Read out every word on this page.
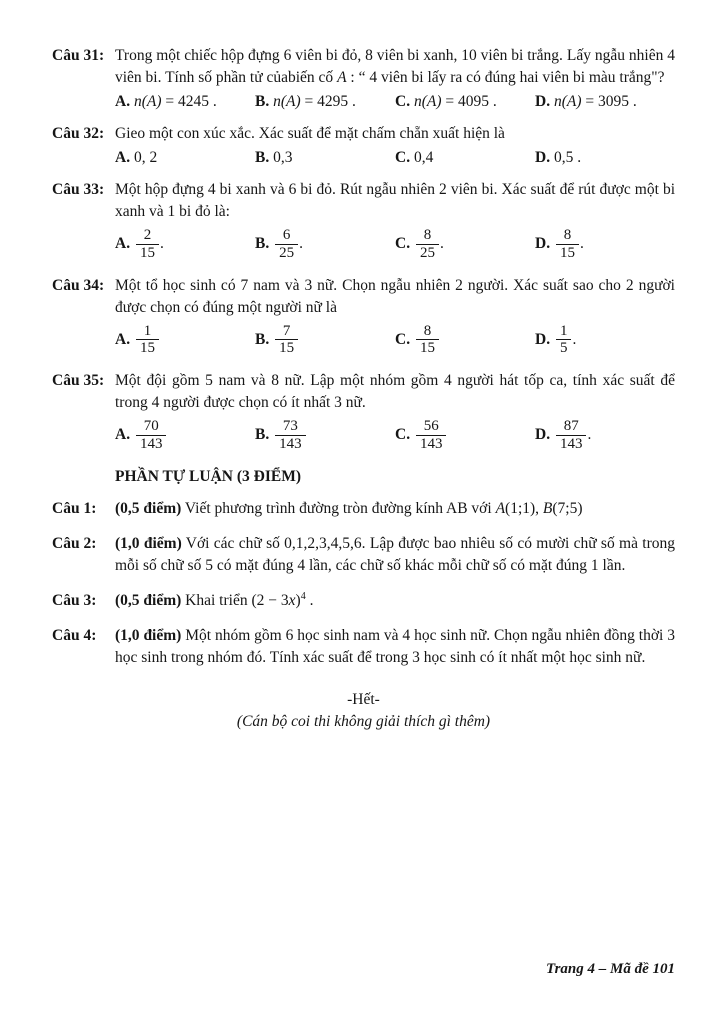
Câu 31: Trong một chiếc hộp đựng 6 viên bi đỏ, 8 viên bi xanh, 10 viên bi trắng. Lấy ngẫu nhiên 4 viên bi. Tính số phần tử củabiến cố A : “ 4 viên bi lấy ra có đúng hai viên bi màu trắng"?
A. n(A) = 4245 .	B. n(A) = 4295 .	C. n(A) = 4095 .	D. n(A) = 3095 .
Câu 32: Gieo một con xúc xắc. Xác suất để mặt chấm chẵn xuất hiện là
A. 0, 2	B. 0,3	C. 0,4	D. 0,5 .
Câu 33: Một hộp đựng 4 bi xanh và 6 bi đỏ. Rút ngẫu nhiên 2 viên bi. Xác suất để rút được một bi xanh và 1 bi đỏ là:
A. $\frac{2}{15}$ .	B. $\frac{6}{25}$ .	C. $\frac{8}{25}$ .	D. $\frac{8}{15}$ .
Câu 34: Một tổ học sinh có 7 nam và 3 nữ. Chọn ngẫu nhiên 2 người. Xác suất sao cho 2 người được chọn có đúng một người nữ là
A. $\frac{1}{15}$	B. $\frac{7}{15}$	C. $\frac{8}{15}$	D. $\frac{1}{5}$ .
Câu 35: Một đội gồm 5 nam và 8 nữ. Lập một nhóm gồm 4 người hát tốp ca, tính xác suất để trong 4 người được chọn có ít nhất 3 nữ.
A. $\frac{70}{143}$	B. $\frac{73}{143}$	C. $\frac{56}{143}$	D. $\frac{87}{143}$ .
PHẦN TỰ LUẬN (3 ĐIỂM)
Câu 1:	(0,5 điểm) Viết phương trình đường tròn đường kính AB với A(1;1), B(7;5)
Câu 2:	(1,0 điểm) Với các chữ số 0,1,2,3,4,5,6. Lập được bao nhiêu số có mười chữ số mà trong mỗi số chữ số 5 có mặt đúng 4 lần, các chữ số khác mỗi chữ số có mặt đúng 1 lần.
Câu 3:	(0,5 điểm) Khai triển $(2 - 3x)^4$ .
Câu 4:	(1,0 điểm) Một nhóm gồm 6 học sinh nam và 4 học sinh nữ. Chọn ngẫu nhiên đồng thời 3 học sinh trong nhóm đó. Tính xác suất để trong 3 học sinh có ít nhất một học sinh nữ.
-Hết-
(Cán bộ coi thi không giải thích gì thêm)
Trang 4 – Mã đề 101
